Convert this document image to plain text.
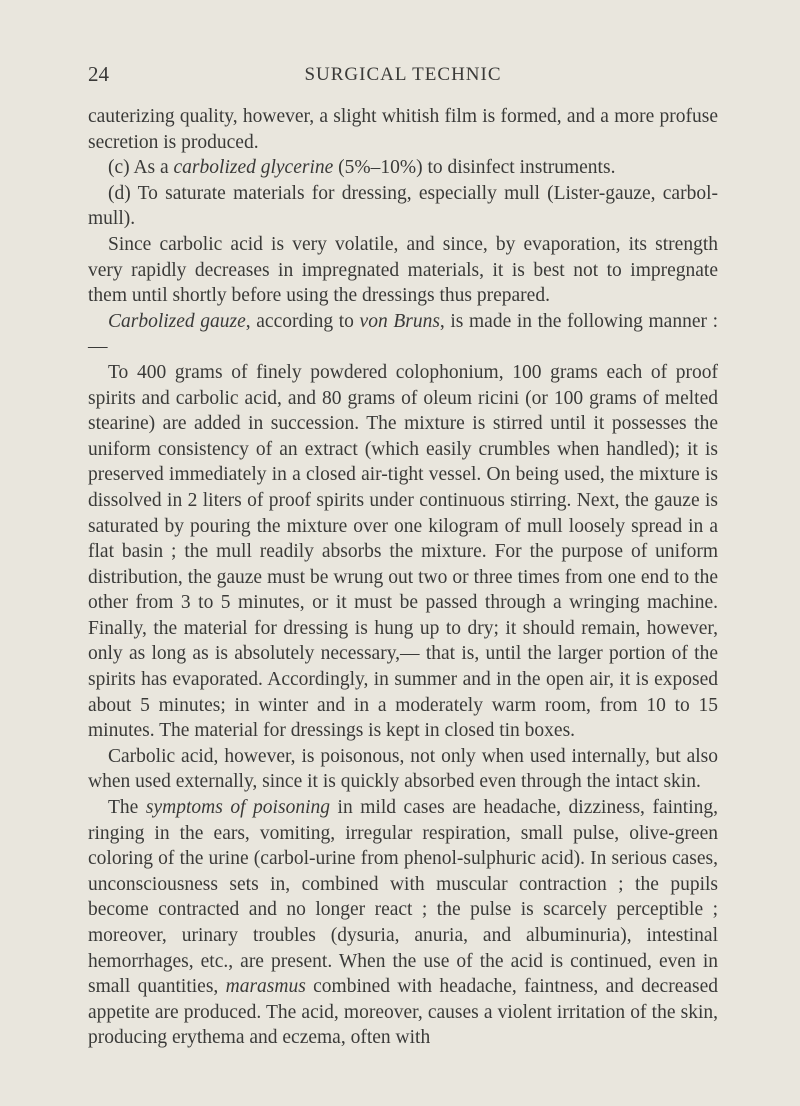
24	SURGICAL TECHNIC

cauterizing quality, however, a slight whitish film is formed, and a more profuse secretion is produced.

(c) As a carbolized glycerine (5%–10%) to disinfect instruments.

(d) To saturate materials for dressing, especially mull (Lister-gauze, carbol-mull).

Since carbolic acid is very volatile, and since, by evaporation, its strength very rapidly decreases in impregnated materials, it is best not to impregnate them until shortly before using the dressings thus prepared.

Carbolized gauze, according to von Bruns, is made in the following manner : —

To 400 grams of finely powdered colophonium, 100 grams each of proof spirits and carbolic acid, and 80 grams of oleum ricini (or 100 grams of melted stearine) are added in succession. The mixture is stirred until it possesses the uniform consistency of an extract (which easily crumbles when handled); it is preserved immediately in a closed air-tight vessel. On being used, the mixture is dissolved in 2 liters of proof spirits under continuous stirring. Next, the gauze is saturated by pouring the mixture over one kilogram of mull loosely spread in a flat basin ; the mull readily absorbs the mixture. For the purpose of uniform distribution, the gauze must be wrung out two or three times from one end to the other from 3 to 5 minutes, or it must be passed through a wringing machine. Finally, the material for dressing is hung up to dry; it should remain, however, only as long as is absolutely necessary,— that is, until the larger portion of the spirits has evaporated. Accordingly, in summer and in the open air, it is exposed about 5 minutes; in winter and in a moderately warm room, from 10 to 15 minutes. The material for dressings is kept in closed tin boxes.

Carbolic acid, however, is poisonous, not only when used internally, but also when used externally, since it is quickly absorbed even through the intact skin.

The symptoms of poisoning in mild cases are headache, dizziness, fainting, ringing in the ears, vomiting, irregular respiration, small pulse, olive-green coloring of the urine (carbol-urine from phenol-sulphuric acid). In serious cases, unconsciousness sets in, combined with muscular contraction ; the pupils become contracted and no longer react ; the pulse is scarcely perceptible ; moreover, urinary troubles (dysuria, anuria, and albuminuria), intestinal hemorrhages, etc., are present. When the use of the acid is continued, even in small quantities, marasmus combined with headache, faintness, and decreased appetite are produced. The acid, moreover, causes a violent irritation of the skin, producing erythema and eczema, often with
